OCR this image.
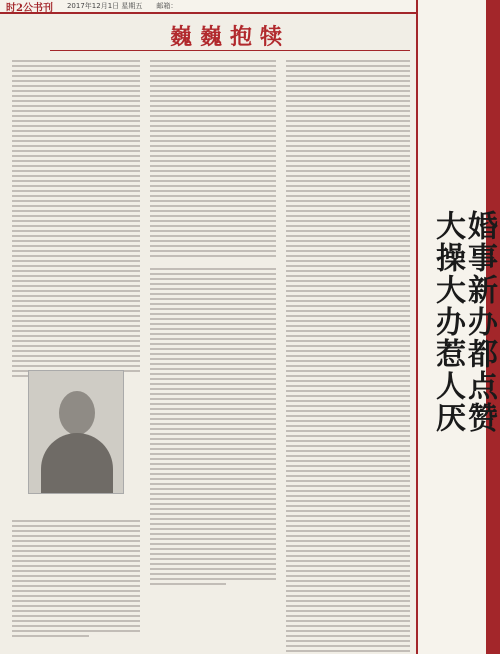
时2公书刊 2017年12月1日 星期五 邮箱：
巍巍抱犊
婚事新办都点赞
大操大办惹人厌
